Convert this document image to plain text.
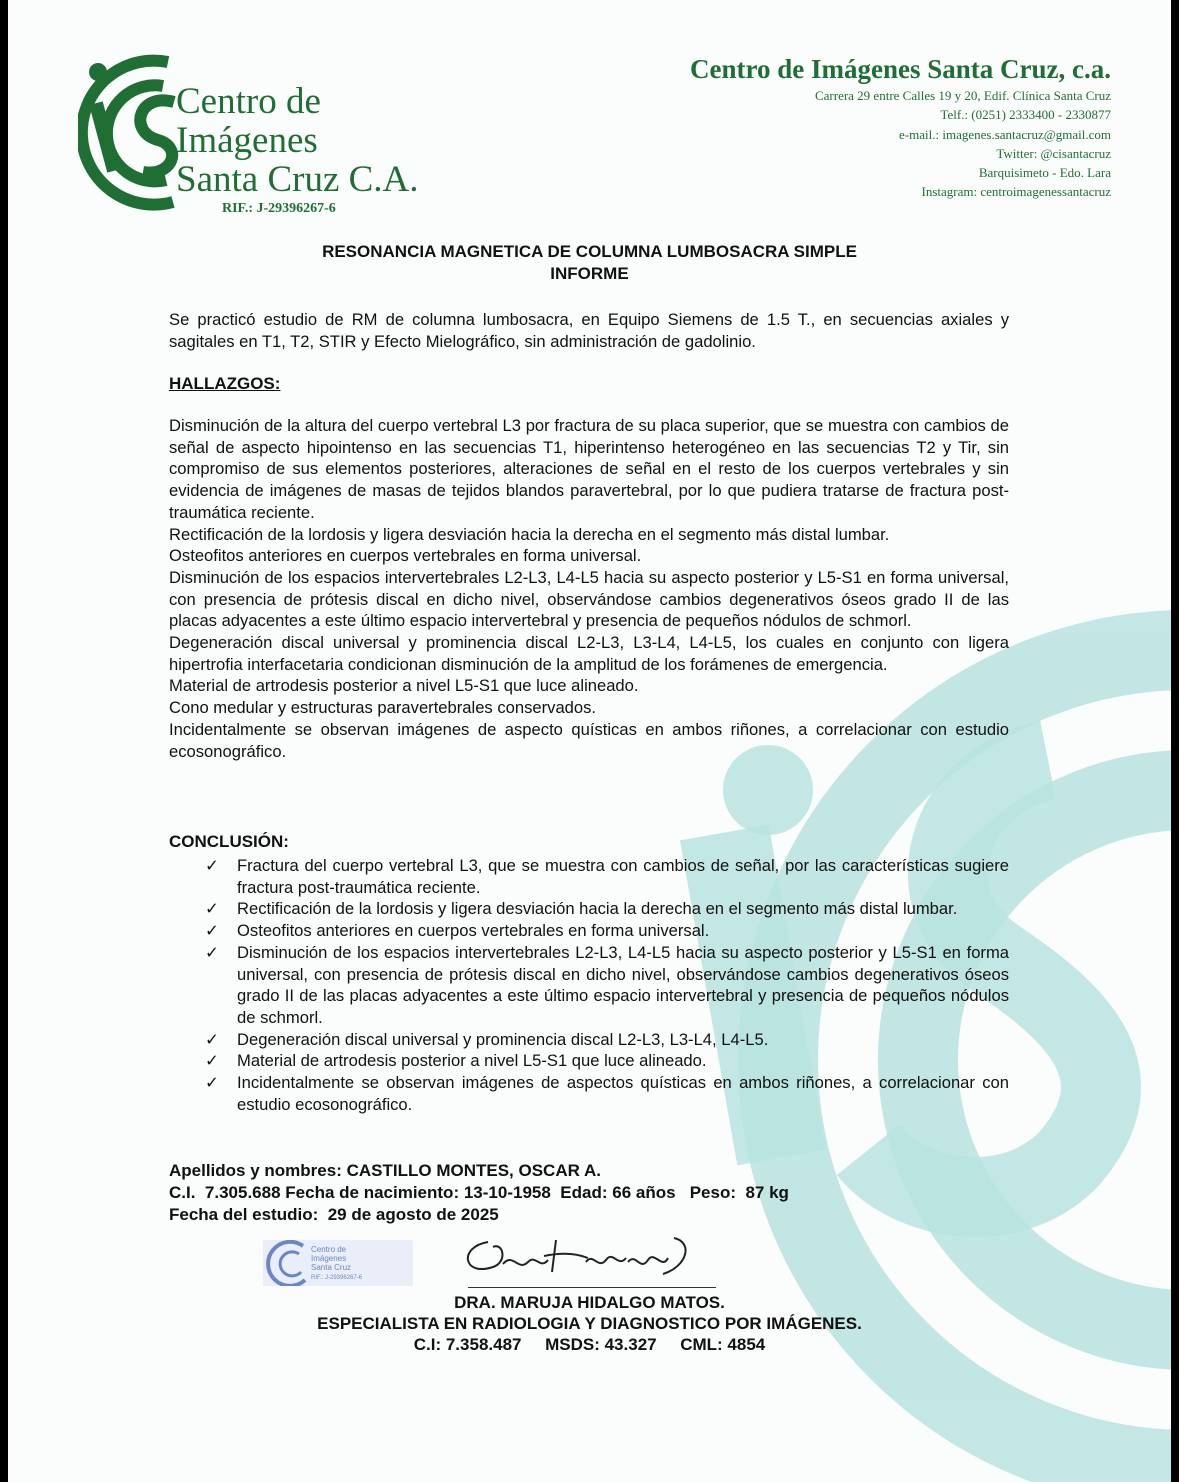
Centro de
Imágenes
Santa Cruz C.A.
RIF.: J-29396267-6
Centro de Imágenes Santa Cruz, c.a.
Carrera 29 entre Calles 19 y 20, Edif. Clínica Santa Cruz
Telf.: (0251) 2333400 - 2330877
e-mail.: imagenes.santacruz@gmail.com
Twitter: @cisantacruz
Barquisimeto - Edo. Lara
Instagram: centroimagenessantacruz
RESONANCIA MAGNETICA DE COLUMNA LUMBOSACRA SIMPLE
INFORME
Se practicó estudio de RM de columna lumbosacra, en Equipo Siemens de 1.5 T., en secuencias axiales y sagitales en T1, T2, STIR y Efecto Mielográfico, sin administración de gadolinio.
HALLAZGOS:

Disminución de la altura del cuerpo vertebral L3 por fractura de su placa superior, que se muestra con cambios de señal de aspecto hipointenso en las secuencias T1, hiperintenso heterogéneo en las secuencias T2 y Tir, sin compromiso de sus elementos posteriores, alteraciones de señal en el resto de los cuerpos vertebrales y sin evidencia de imágenes de masas de tejidos blandos paravertebral, por lo que pudiera tratarse de fractura post-traumática reciente.

Rectificación de la lordosis y ligera desviación hacia la derecha en el segmento más distal lumbar.

Osteofitos anteriores en cuerpos vertebrales en forma universal.

Disminución de los espacios intervertebrales L2-L3, L4-L5 hacia su aspecto posterior y L5-S1 en forma universal, con presencia de prótesis discal en dicho nivel, observándose cambios degenerativos óseos grado II de las placas adyacentes a este último espacio intervertebral y presencia de pequeños nódulos de schmorl.

Degeneración discal universal y prominencia discal L2-L3, L3-L4, L4-L5, los cuales en conjunto con ligera hipertrofia interfacetaria condicionan disminución de la amplitud de los forámenes de emergencia.

Material de artrodesis posterior a nivel L5-S1 que luce alineado.

Cono medular y estructuras paravertebrales conservados.

Incidentalmente se observan imágenes de aspecto quísticas en ambos riñones, a correlacionar con estudio ecosonográfico.

CONCLUSIÓN:
✓ Fractura del cuerpo vertebral L3, que se muestra con cambios de señal, por las características sugiere fractura post-traumática reciente.
✓ Rectificación de la lordosis y ligera desviación hacia la derecha en el segmento más distal lumbar.
✓ Osteofitos anteriores en cuerpos vertebrales en forma universal.
✓ Disminución de los espacios intervertebrales L2-L3, L4-L5 hacia su aspecto posterior y L5-S1 en forma universal, con presencia de prótesis discal en dicho nivel, observándose cambios degenerativos óseos grado II de las placas adyacentes a este último espacio intervertebral y presencia de pequeños nódulos de schmorl.
✓ Degeneración discal universal y prominencia discal L2-L3, L3-L4, L4-L5.
✓ Material de artrodesis posterior a nivel L5-S1 que luce alineado.
✓ Incidentalmente se observan imágenes de aspectos quísticas en ambos riñones, a correlacionar con estudio ecosonográfico.
Apellidos y nombres: CASTILLO MONTES, OSCAR A.
C.I. 7.305.688 Fecha de nacimiento: 13-10-1958 Edad: 66 años Peso: 87 kg
Fecha del estudio: 29 de agosto de 2025
Centro de
Imágenes
Santa Cruz
RIF.: J-29396267-6
DRA. MARUJA HIDALGO MATOS.
ESPECIALISTA EN RADIOLOGIA Y DIAGNOSTICO POR IMÁGENES.
C.I: 7.358.487     MSDS: 43.327     CML: 4854
